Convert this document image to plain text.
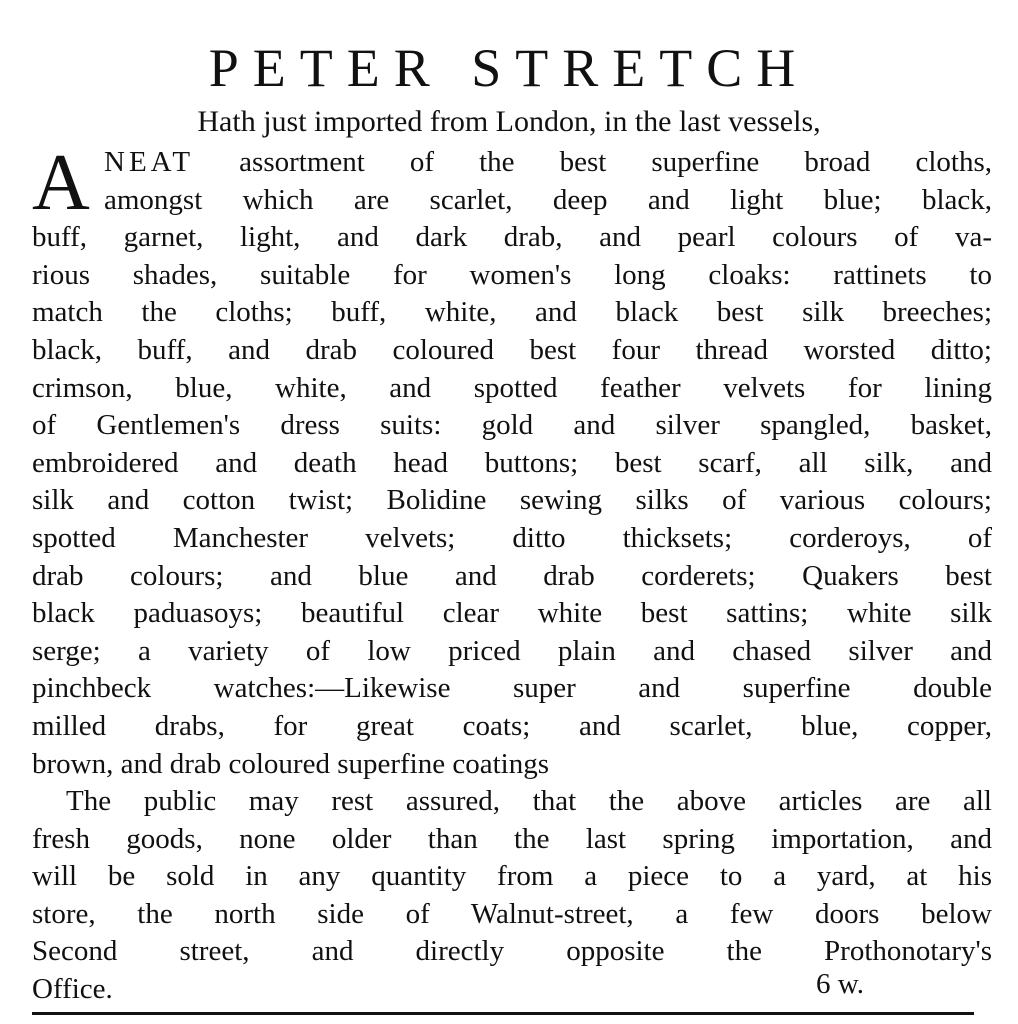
PETER STRETCH
Hath just imported from London, in the last vessels,
A NEAT assortment of the best superfine broad cloths,
amongst which are scarlet, deep and light blue; black,
buff, garnet, light, and dark drab, and pearl colours of va-
rious shades, suitable for women's long cloaks: rattinets to
match the cloths; buff, white, and black best silk breeches;
black, buff, and drab coloured best four thread worsted ditto;
crimson, blue, white, and spotted feather velvets for lining
of Gentlemen's dress suits: gold and silver spangled, basket,
embroidered and death head buttons; best scarf, all silk, and
silk and cotton twist; Bolidine sewing silks of various colours;
spotted Manchester velvets; ditto thicksets; corderoys, of
drab colours; and blue and drab corderets; Quakers best
black paduasoys; beautiful clear white best sattins; white silk
serge; a variety of low priced plain and chased silver and
pinchbeck watches:—Likewise super and superfine double
milled drabs, for great coats; and scarlet, blue, copper,
brown, and drab coloured superfine coatings
The public may rest assured, that the above articles are all
fresh goods, none older than the last spring importation, and
will be sold in any quantity from a piece to a yard, at his
store, the north side of Walnut-street, a few doors below
Second street, and directly opposite the Prothonotary's
Office.	6 w.
